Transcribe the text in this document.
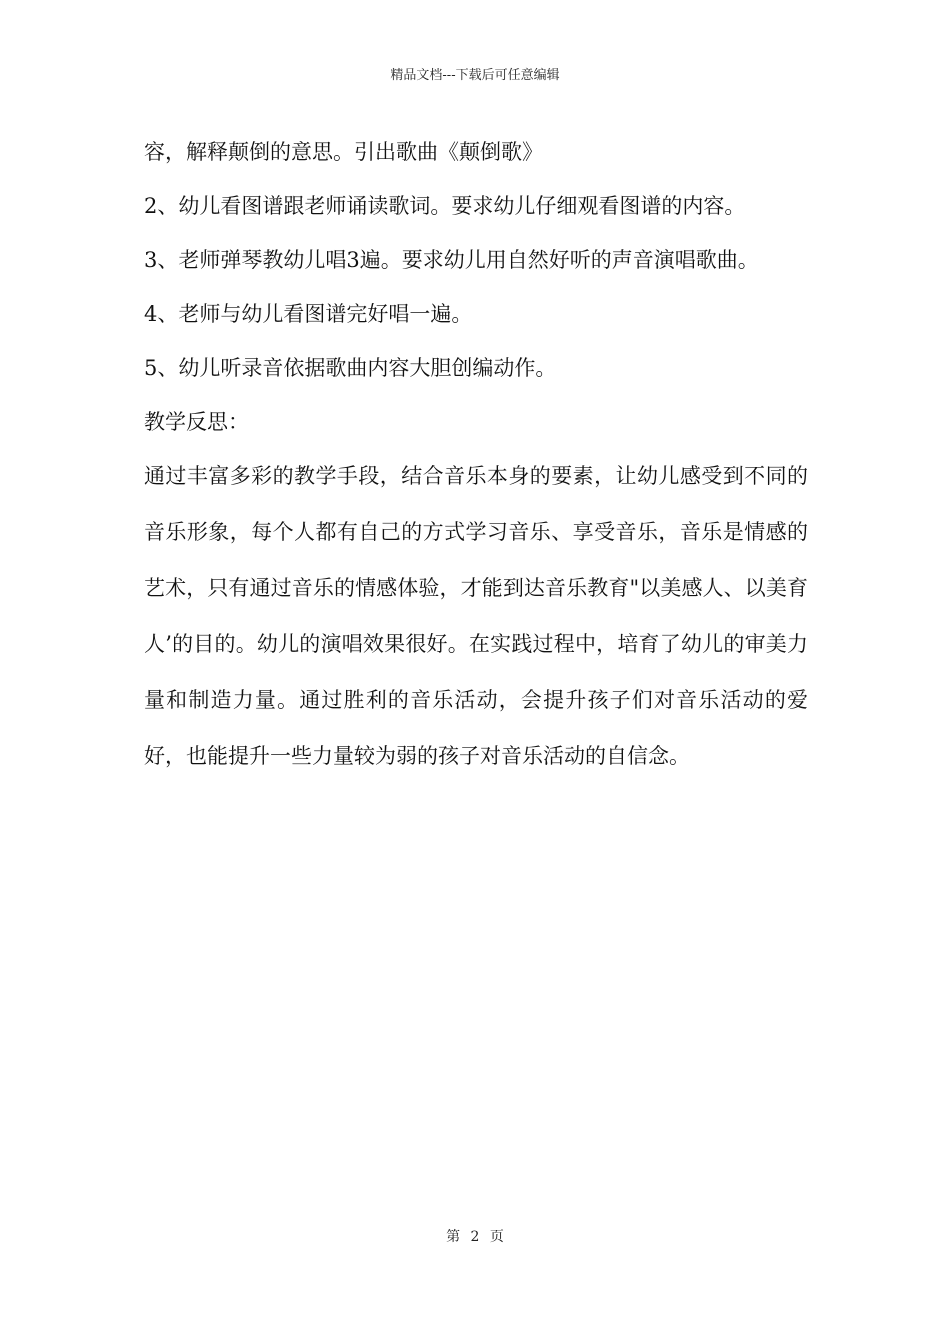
精品文档---下载后可任意编辑

容，解释颠倒的意思。引出歌曲《颠倒歌》

2、幼儿看图谱跟老师诵读歌词。要求幼儿仔细观看图谱的内容。

3、老师弹琴教幼儿唱3遍。要求幼儿用自然好听的声音演唱歌曲。

4、老师与幼儿看图谱完好唱一遍。

5、幼儿听录音依据歌曲内容大胆创编动作。

教学反思：

通过丰富多彩的教学手段，结合音乐本身的要素，让幼儿感受到不同的音乐形象，每个人都有自己的方式学习音乐、享受音乐，音乐是情感的艺术，只有通过音乐的情感体验，才能到达音乐教育"以美感人、以美育人’的目的。幼儿的演唱效果很好。在实践过程中，培育了幼儿的审美力量和制造力量。通过胜利的音乐活动，会提升孩子们对音乐活动的爱好，也能提升一些力量较为弱的孩子对音乐活动的自信念。

第 2 页
